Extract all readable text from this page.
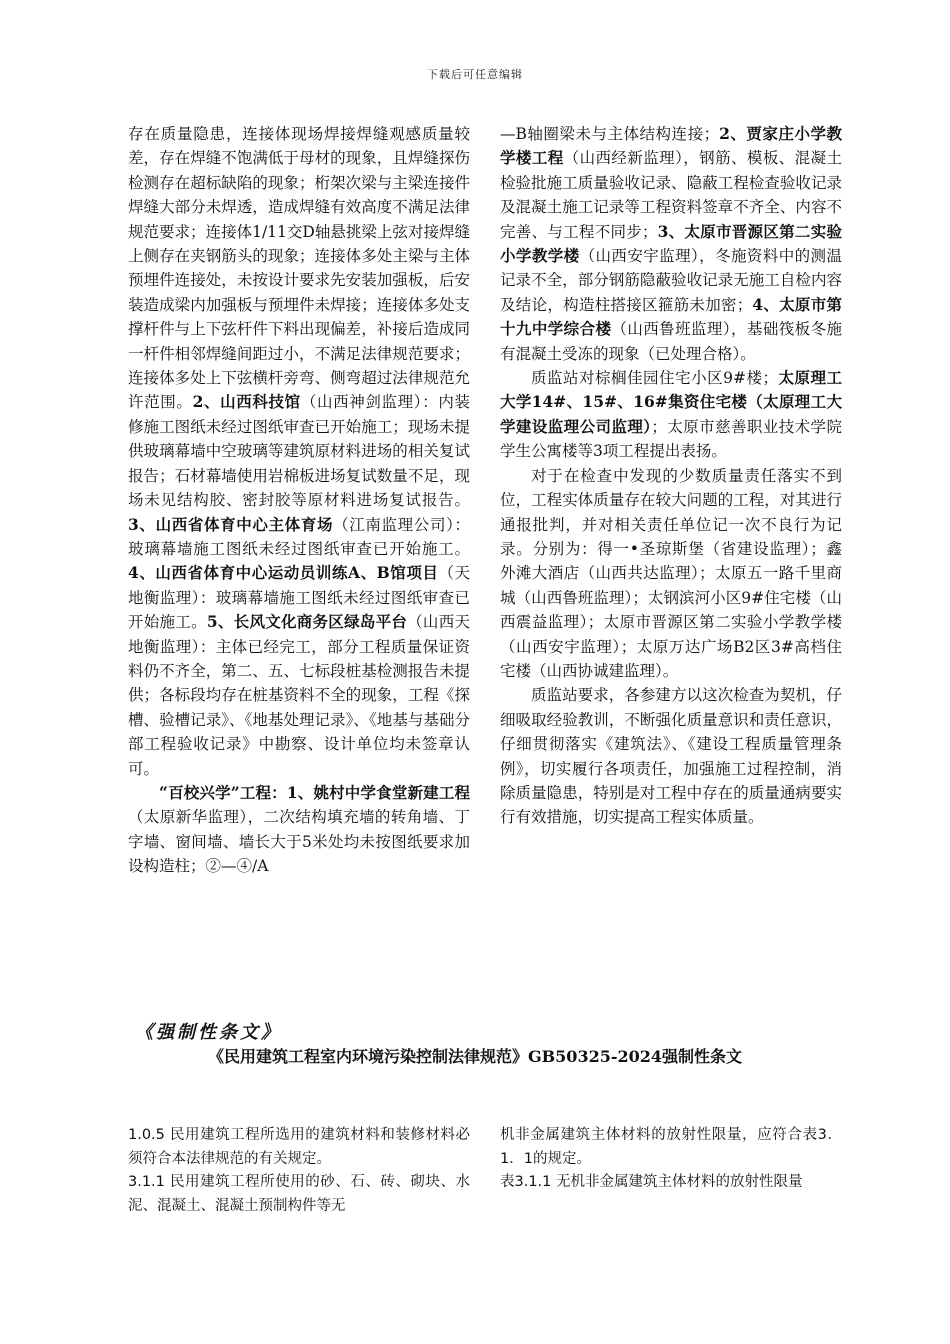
下载后可任意编辑

存在质量隐患，连接体现场焊接焊缝观感质量较差，存在焊缝不饱满低于母材的现象，且焊缝探伤检测存在超标缺陷的现象；桁架次梁与主梁连接件焊缝大部分未焊透，造成焊缝有效高度不满足法律规范要求；连接体1/11交D轴悬挑梁上弦对接焊缝上侧存在夹钢筋头的现象；连接体多处主梁与主体预埋件连接处，未按设计要求先安装加强板，后安装造成梁内加强板与预埋件未焊接；连接体多处支撑杆件与上下弦杆件下料出现偏差，补接后造成同一杆件相邻焊缝间距过小，不满足法律规范要求；连接体多处上下弦横杆旁弯、侧弯超过法律规范允许范围。2、山西科技馆（山西神剑监理）：内装修施工图纸未经过图纸审查已开始施工；现场未提供玻璃幕墙中空玻璃等建筑原材料进场的相关复试报告；石材幕墙使用岩棉板进场复试数量不足，现场未见结构胶、密封胶等原材料进场复试报告。3、山西省体育中心主体育场（江南监理公司）：玻璃幕墙施工图纸未经过图纸审查已开始施工。4、山西省体育中心运动员训练A、B馆项目（天地衡监理）：玻璃幕墙施工图纸未经过图纸审查已开始施工。5、长风文化商务区绿岛平台（山西天地衡监理）：主体已经完工，部分工程质量保证资料仍不齐全，第二、五、七标段桩基检测报告未提供；各标段均存在桩基资料不全的现象，工程《探槽、验槽记录》、《地基处理记录》、《地基与基础分部工程验收记录》中勘察、设计单位均未签章认可。

“百校兴学”工程：1、姚村中学食堂新建工程（太原新华监理），二次结构填充墙的转角墙、丁字墙、窗间墙、墙长大于5米处均未按图纸要求加设构造柱；②—④/A

—B轴圈梁未与主体结构连接；2、贾家庄小学教学楼工程（山西经新监理），钢筋、模板、混凝土检验批施工质量验收记录、隐蔽工程检查验收记录及混凝土施工记录等工程资料签章不齐全、内容不完善、与工程不同步；3、太原市晋源区第二实验小学教学楼（山西安宇监理），冬施资料中的测温记录不全，部分钢筋隐蔽验收记录无施工自检内容及结论，构造柱搭接区箍筋未加密；4、太原市第十九中学综合楼（山西鲁班监理），基础筏板冬施有混凝土受冻的现象（已处理合格）。

质监站对棕榈佳园住宅小区9#楼；太原理工大学14#、15#、16#集资住宅楼（太原理工大学建设监理公司监理）；太原市慈善职业技术学院学生公寓楼等3项工程提出表扬。

对于在检查中发现的少数质量责任落实不到位，工程实体质量存在较大问题的工程，对其进行通报批判，并对相关责任单位记一次不良行为记录。分别为：得一•圣琼斯堡（省建设监理）；鑫外滩大酒店（山西共达监理）；太原五一路千里商城（山西鲁班监理）；太钢滨河小区9#住宅楼（山西震益监理）；太原市晋源区第二实验小学教学楼（山西安宇监理）；太原万达广场B2区3#高档住宅楼（山西协诚建监理）。

质监站要求，各参建方以这次检查为契机，仔细吸取经验教训，不断强化质量意识和责任意识，仔细贯彻落实《建筑法》、《建设工程质量管理条例》，切实履行各项责任，加强施工过程控制，消除质量隐患，特别是对工程中存在的质量通病要实行有效措施，切实提高工程实体质量。

《强制性条文》
《民用建筑工程室内环境污染控制法律规范》GB50325-2024强制性条文

1.0.5 民用建筑工程所选用的建筑材料和装修材料必须符合本法律规范的有关规定。

3.1.1 民用建筑工程所使用的砂、石、砖、砌块、水泥、混凝土、混凝土预制构件等无

机非金属建筑主体材料的放射性限量，应符合表3．1．1的规定。

表3.1.1 无机非金属建筑主体材料的放射性限量
